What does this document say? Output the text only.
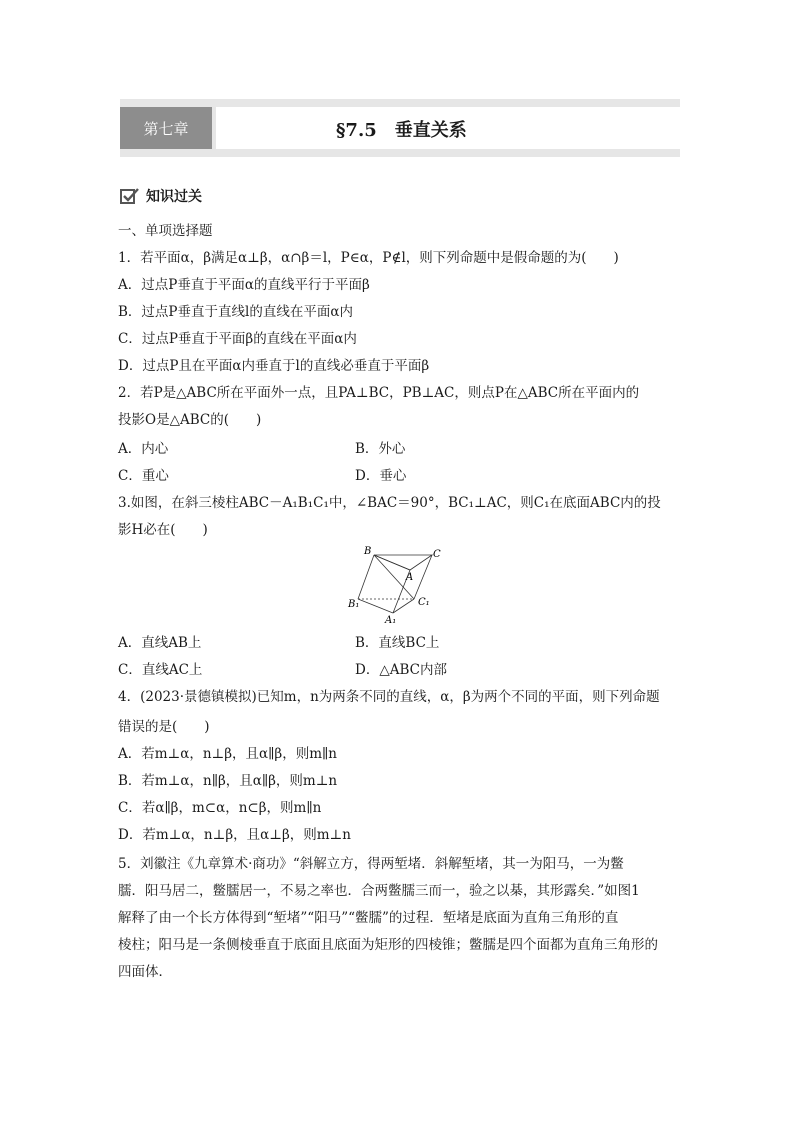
第七章	§7.5　垂直关系
知识过关
一、单项选择题
1．若平面α，β满足α⊥β，α∩β＝l，P∈α，P∉l，则下列命题中是假命题的为(　　)
A．过点P垂直于平面α的直线平行于平面β
B．过点P垂直于直线l的直线在平面α内
C．过点P垂直于平面β的直线在平面α内
D．过点P且在平面α内垂直于l的直线必垂直于平面β
2．若P是△ABC所在平面外一点，且PA⊥BC，PB⊥AC，则点P在△ABC所在平面内的
投影O是△ABC的(　　)
A．内心	B．外心
C．重心	D．垂心
3.如图，在斜三棱柱ABC－A₁B₁C₁中，∠BAC＝90°，BC₁⊥AC，则C₁在底面ABC内的投
影H必在(　　)
B	C
A
B₁	C₁
A₁
A．直线AB上	B．直线BC上
C．直线AC上	D．△ABC内部
4．(2023·景德镇模拟)已知m，n为两条不同的直线，α，β为两个不同的平面，则下列命题
错误的是(　　)
A．若m⊥α，n⊥β，且α∥β，则m∥n
B．若m⊥α，n∥β，且α∥β，则m⊥n
C．若α∥β，m⊂α，n⊂β，则m∥n
D．若m⊥α，n⊥β，且α⊥β，则m⊥n
5．刘徽注《九章算术·商功》“斜解立方，得两堑堵．斜解堑堵，其一为阳马，一为鳖
臑．阳马居二，鳖臑居一，不易之率也．合两鳖臑三而一，验之以棊，其形露矣．”如图1
解释了由一个长方体得到“堑堵”“阳马”“鳖臑”的过程．堑堵是底面为直角三角形的直
棱柱；阳马是一条侧棱垂直于底面且底面为矩形的四棱锥；鳖臑是四个面都为直角三角形的
四面体．
